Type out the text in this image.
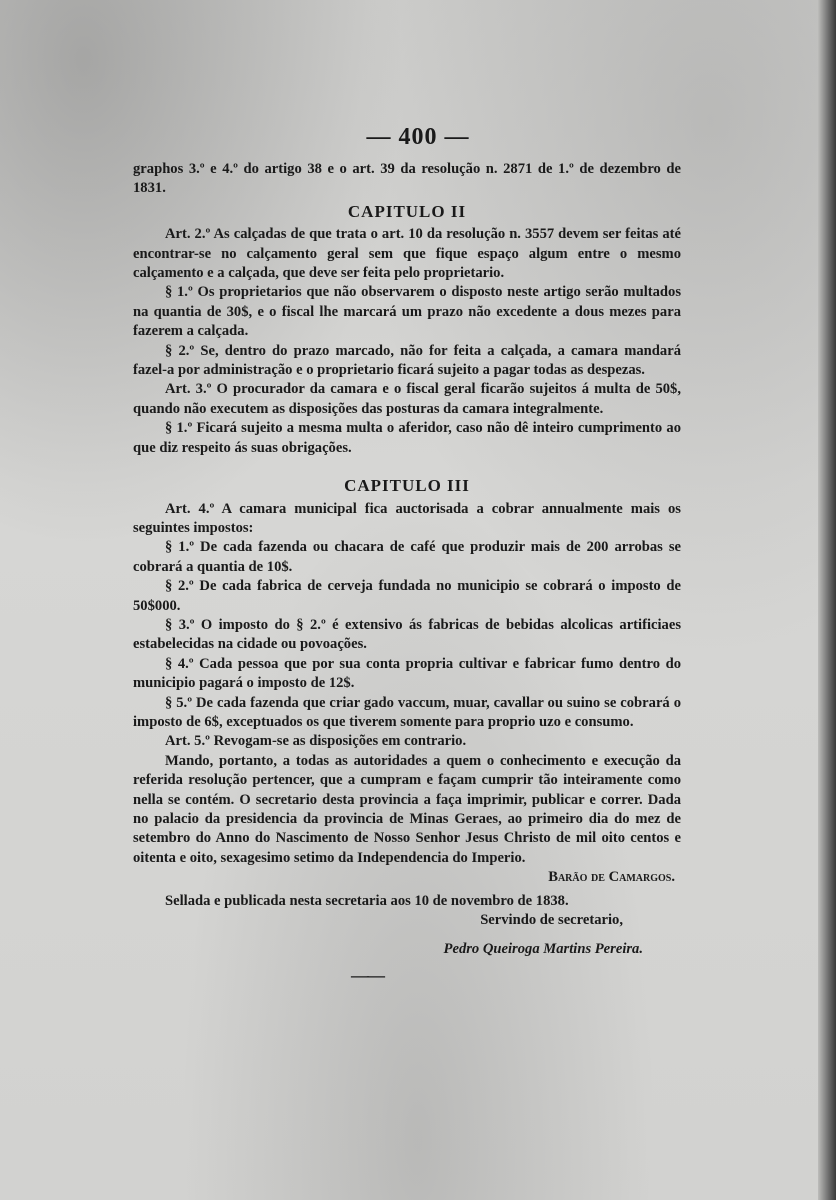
— 400 —

graphos 3.º e 4.º do artigo 38 e o art. 39 da resolução n. 2871 de 1.º de dezembro de 1831.

CAPITULO II

Art. 2.º As calçadas de que trata o art. 10 da resolução n. 3557 devem ser feitas até encontrar-se no calçamento geral sem que fique espaço algum entre o mesmo calçamento e a calçada, que deve ser feita pelo proprietario.

§ 1.º Os proprietarios que não observarem o disposto neste artigo serão multados na quantia de 30$, e o fiscal lhe marcará um prazo não excedente a dous mezes para fazerem a calçada.

§ 2.º Se, dentro do prazo marcado, não for feita a calçada, a camara mandará fazel-a por administração e o proprietario ficará sujeito a pagar todas as despezas.

Art. 3.º O procurador da camara e o fiscal geral ficarão sujeitos á multa de 50$, quando não executem as disposições das posturas da camara integralmente.

§ 1.º Ficará sujeito a mesma multa o aferidor, caso não dê inteiro cumprimento ao que diz respeito ás suas obrigações.

CAPITULO III

Art. 4.º A camara municipal fica auctorisada a cobrar annualmente mais os seguintes impostos:

§ 1.º De cada fazenda ou chacara de café que produzir mais de 200 arrobas se cobrará a quantia de 10$.

§ 2.º De cada fabrica de cerveja fundada no municipio se cobrará o imposto de 50$000.

§ 3.º O imposto do § 2.º é extensivo ás fabricas de bebidas alcolicas artificiaes estabelecidas na cidade ou povoações.

§ 4.º Cada pessoa que por sua conta propria cultivar e fabricar fumo dentro do municipio pagará o imposto de 12$.

§ 5.º De cada fazenda que criar gado vaccum, muar, cavallar ou suino se cobrará o imposto de 6$, exceptuados os que tiverem somente para proprio uzo e consumo.

Art. 5.º Revogam-se as disposições em contrario.

Mando, portanto, a todas as autoridades a quem o conhecimento e execução da referida resolução pertencer, que a cumpram e façam cumprir tão inteiramente como nella se contém. O secretario desta provincia a faça imprimir, publicar e correr. Dada no palacio da presidencia da provincia de Minas Geraes, ao primeiro dia do mez de setembro do Anno do Nascimento de Nosso Senhor Jesus Christo de mil oito centos e oitenta e oito, sexagesimo setimo da Independencia do Imperio.

Barão de Camargos.

Sellada e publicada nesta secretaria aos 10 de novembro de 1838.

Servindo de secretario,

Pedro Queiroga Martins Pereira.

——
